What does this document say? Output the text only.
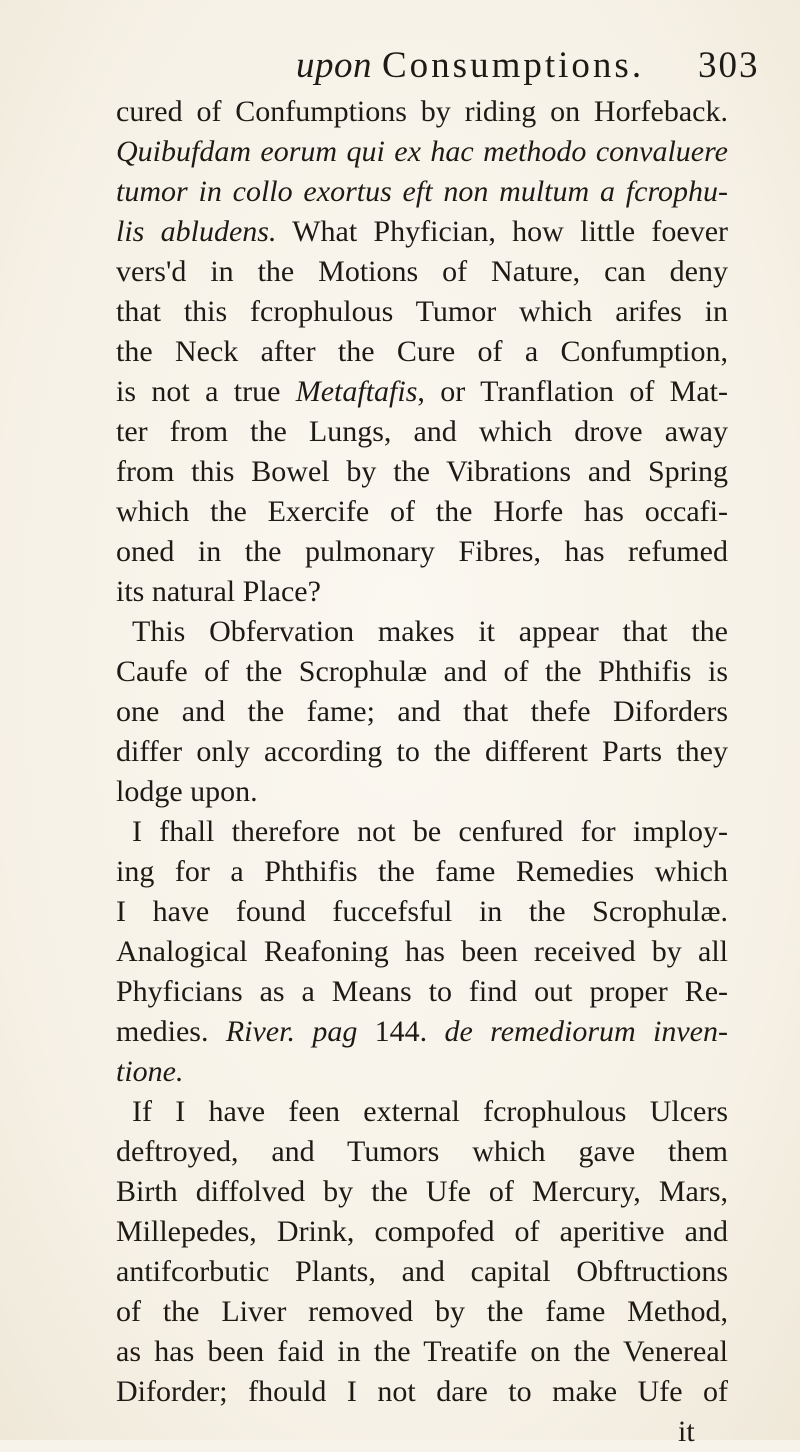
upon Consumptions. 303
cured of Confumptions by riding on Horfeback.
Quibufdam eorum qui ex hac methodo convaluere
tumor in collo exortus eft non multum a fcrophu-
lis abludens. What Phyfician, how little foever
vers'd in the Motions of Nature, can deny
that this fcrophulous Tumor which arifes in
the Neck after the Cure of a Confumption,
is not a true Metaftafis, or Tranflation of Mat-
ter from the Lungs, and which drove away
from this Bowel by the Vibrations and Spring
which the Exercife of the Horfe has occafi-
oned in the pulmonary Fibres, has refumed
its natural Place?
This Obfervation makes it appear that the
Caufe of the Scrophulæ and of the Phthifis is
one and the fame; and that thefe Diforders
differ only according to the different Parts they
lodge upon.
I fhall therefore not be cenfured for imploy-
ing for a Phthifis the fame Remedies which
I have found fuccefsful in the Scrophulæ.
Analogical Reafoning has been received by all
Phyficians as a Means to find out proper Re-
medies. River. pag 144. de remediorum inven-
tione.
If I have feen external fcrophulous Ulcers
deftroyed, and Tumors which gave them
Birth diffolved by the Ufe of Mercury, Mars,
Millepedes, Drink, compofed of aperitive and
antifcorbutic Plants, and capital Obftructions
of the Liver removed by the fame Method,
as has been faid in the Treatife on the Venereal
Diforder; fhould I not dare to make Ufe of
it
